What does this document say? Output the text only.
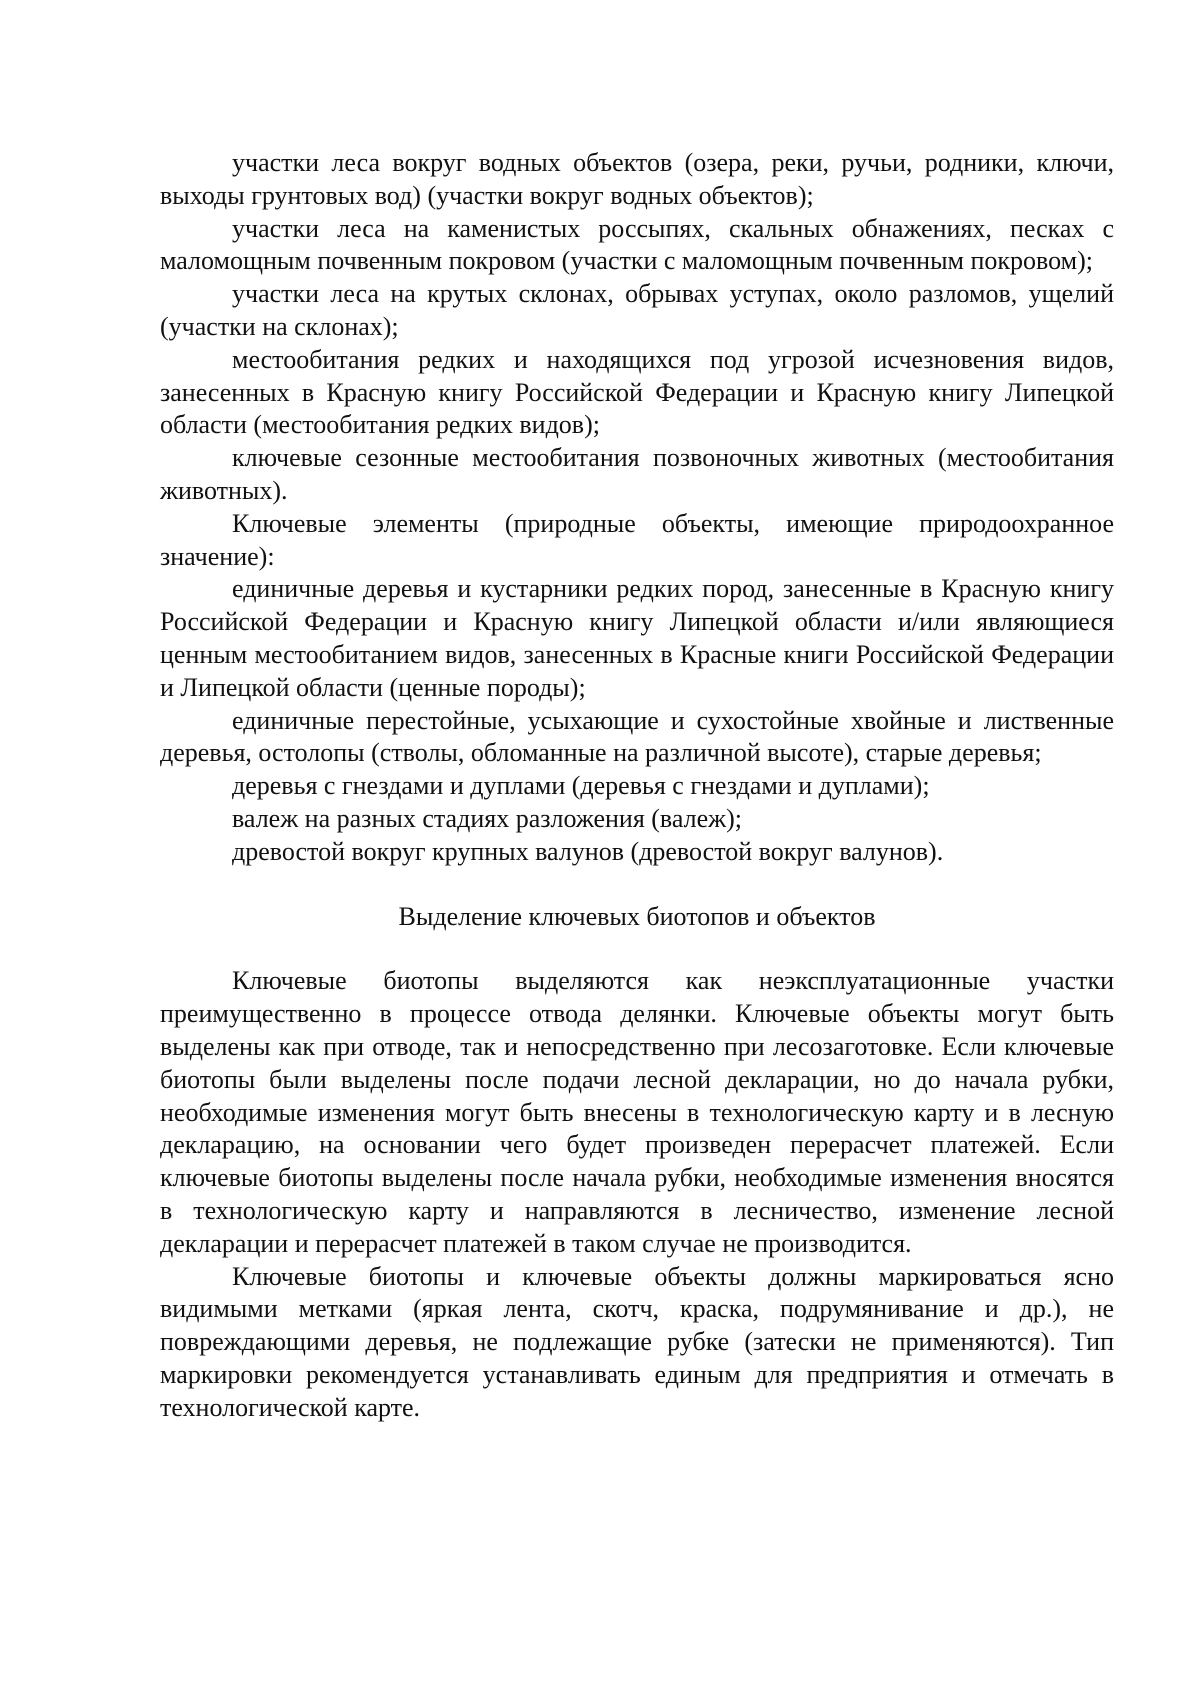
участки леса вокруг водных объектов (озера, реки, ручьи, родники, ключи, выходы грунтовых вод) (участки вокруг водных объектов);

участки леса на каменистых россыпях, скальных обнажениях, песках с маломощным почвенным покровом (участки с маломощным почвенным покровом);

участки леса на крутых склонах, обрывах уступах, около разломов, ущелий (участки на склонах);

местообитания редких и находящихся под угрозой исчезновения видов, занесенных в Красную книгу Российской Федерации и Красную книгу Липецкой области (местообитания редких видов);

ключевые сезонные местообитания позвоночных животных (местообитания животных).

Ключевые элементы (природные объекты, имеющие природоохранное значение):

единичные деревья и кустарники редких пород, занесенные в Красную книгу Российской Федерации и Красную книгу Липецкой области и/или являющиеся ценным местообитанием видов, занесенных в Красные книги Российской Федерации и Липецкой области (ценные породы);

единичные перестойные, усыхающие и сухостойные хвойные и лиственные деревья, остолопы (стволы, обломанные на различной высоте), старые деревья;

деревья с гнездами и дуплами (деревья с гнездами и дуплами);

валеж на разных стадиях разложения (валеж);

древостой вокруг крупных валунов (древостой вокруг валунов).

Выделение ключевых биотопов и объектов

Ключевые биотопы выделяются как неэксплуатационные участки преимущественно в процессе отвода делянки. Ключевые объекты могут быть выделены как при отводе, так и непосредственно при лесозаготовке. Если ключевые биотопы были выделены после подачи лесной декларации, но до начала рубки, необходимые изменения могут быть внесены в технологическую карту и в лесную декларацию, на основании чего будет произведен перерасчет платежей. Если ключевые биотопы выделены после начала рубки, необходимые изменения вносятся в технологическую карту и направляются в лесничество, изменение лесной декларации и перерасчет платежей в таком случае не производится.

Ключевые биотопы и ключевые объекты должны маркироваться ясно видимыми метками (яркая лента, скотч, краска, подрумянивание и др.), не повреждающими деревья, не подлежащие рубке (затески не применяются). Тип маркировки рекомендуется устанавливать единым для предприятия и отмечать в технологической карте.
